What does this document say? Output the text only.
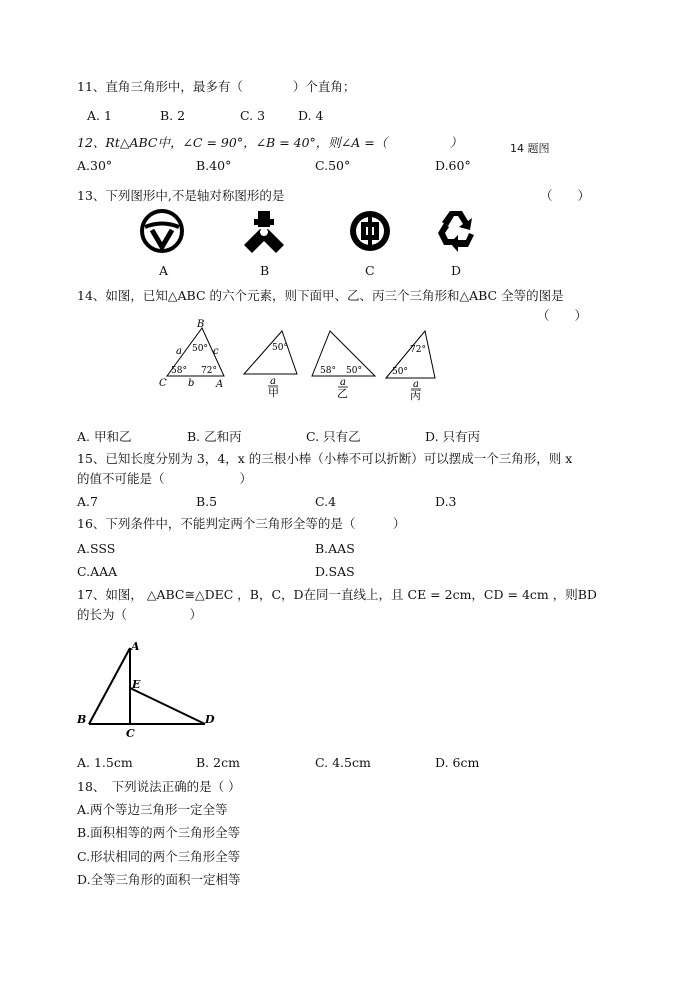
11、直角三角形中，最多有（　　　　）个直角；
A. 1	B. 2	C. 3	D. 4
12、Rt△ABC中，∠C = 90°，∠B = 40°，则∠A =（　　　　　）	14 题图
A.30°	B.40°	C.50°	D.60°
13、下列图形中,不是轴对称图形的是	（　　）
A	B	C	D
14、如图，已知△ABC 的六个元素，则下面甲、乙、丙三个三角形和△ABC 全等的图是
（　　）
B
C	A
a	c
b
50°
58° 72°
50°
a
甲
58° 50°
a
乙
72°
50°
a
丙
A. 甲和乙	B. 乙和丙	C. 只有乙	D. 只有丙
15、已知长度分别为 3，4，x 的三根小棒（小棒不可以折断）可以摆成一个三角形，则 x
的值不可能是（　　　　　　）
A.7	B.5	C.4	D.3
16、下列条件中，不能判定两个三角形全等的是（　　　）
A.SSS	B.AAS
C.AAA	D.SAS
17、如图， △ABC≅△DEC ，B，C，D在同一直线上，且 CE = 2cm，CD = 4cm ，则BD
的长为（　　　　　）
A
B
C
D
E
A. 1.5cm	B. 2cm	C. 4.5cm	D. 6cm
18、　下列说法正确的是（ ）
A.两个等边三角形一定全等
B.面积相等的两个三角形全等
C.形状相同的两个三角形全等
D.全等三角形的面积一定相等
